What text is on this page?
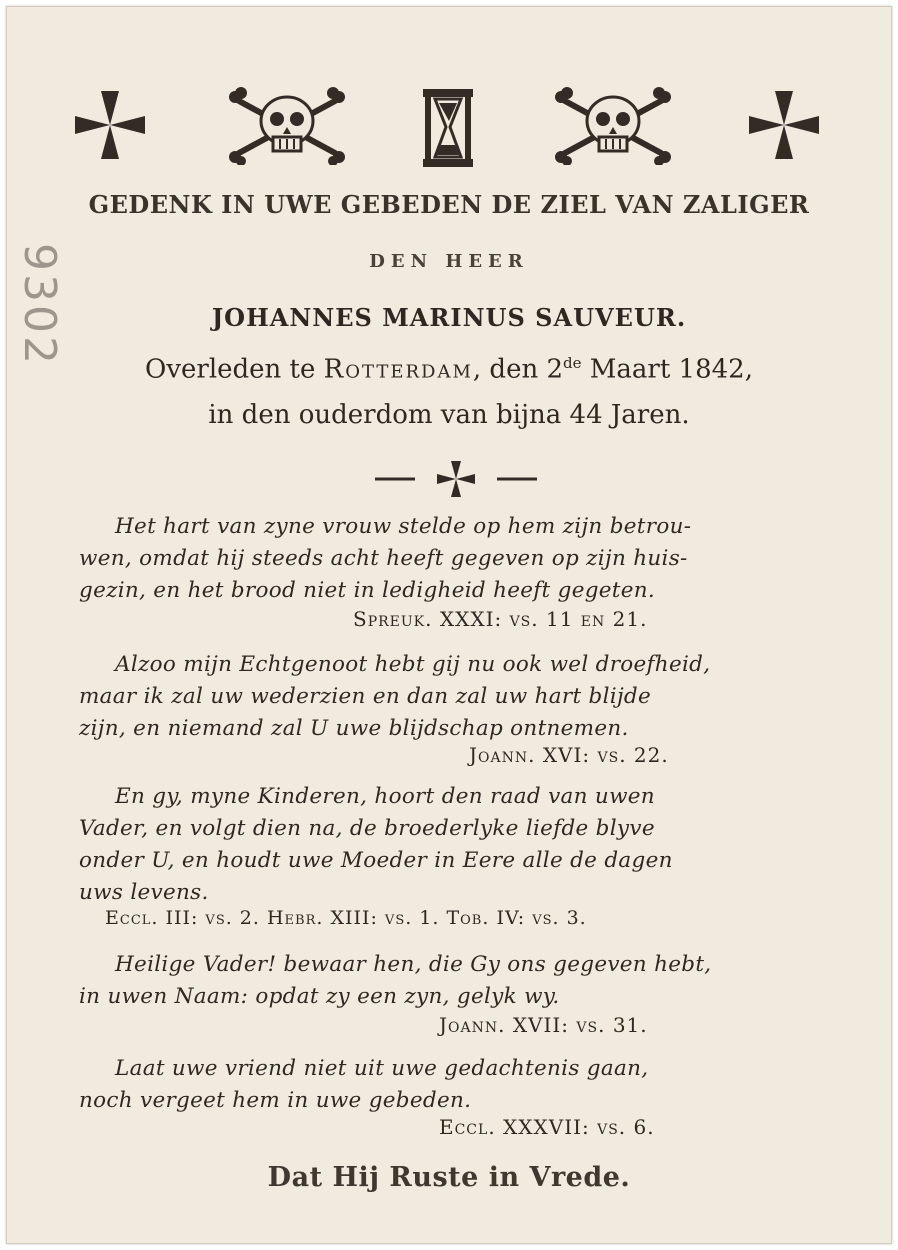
9302
GEDENK IN UWE GEBEDEN DE ZIEL VAN ZALIGER
DEN HEER
JOHANNES MARINUS SAUVEUR.
Overleden te Rotterdam, den 2de Maart 1842,
in den ouderdom van bijna 44 Jaren.
Het hart van zyne vrouw stelde op hem zijn betrou-
wen, omdat hij steeds acht heeft gegeven op zijn huis-
gezin, en het brood niet in ledigheid heeft gegeten.
Spreuk. XXXI: vs. 11 en 21.
Alzoo mijn Echtgenoot hebt gij nu ook wel droefheid,
maar ik zal uw wederzien en dan zal uw hart blijde
zijn, en niemand zal U uwe blijdschap ontnemen.
Joann. XVI: vs. 22.
En gy, myne Kinderen, hoort den raad van uwen
Vader, en volgt dien na, de broederlyke liefde blyve
onder U, en houdt uwe Moeder in Eere alle de dagen
uws levens.
Eccl. III: vs. 2. Hebr. XIII: vs. 1. Tob. IV: vs. 3.
Heilige Vader! bewaar hen, die Gy ons gegeven hebt,
in uwen Naam: opdat zy een zyn, gelyk wy.
Joann. XVII: vs. 31.
Laat uwe vriend niet uit uwe gedachtenis gaan,
noch vergeet hem in uwe gebeden.
Eccl. XXXVII: vs. 6.
Dat Hij Ruste in Vrede.
